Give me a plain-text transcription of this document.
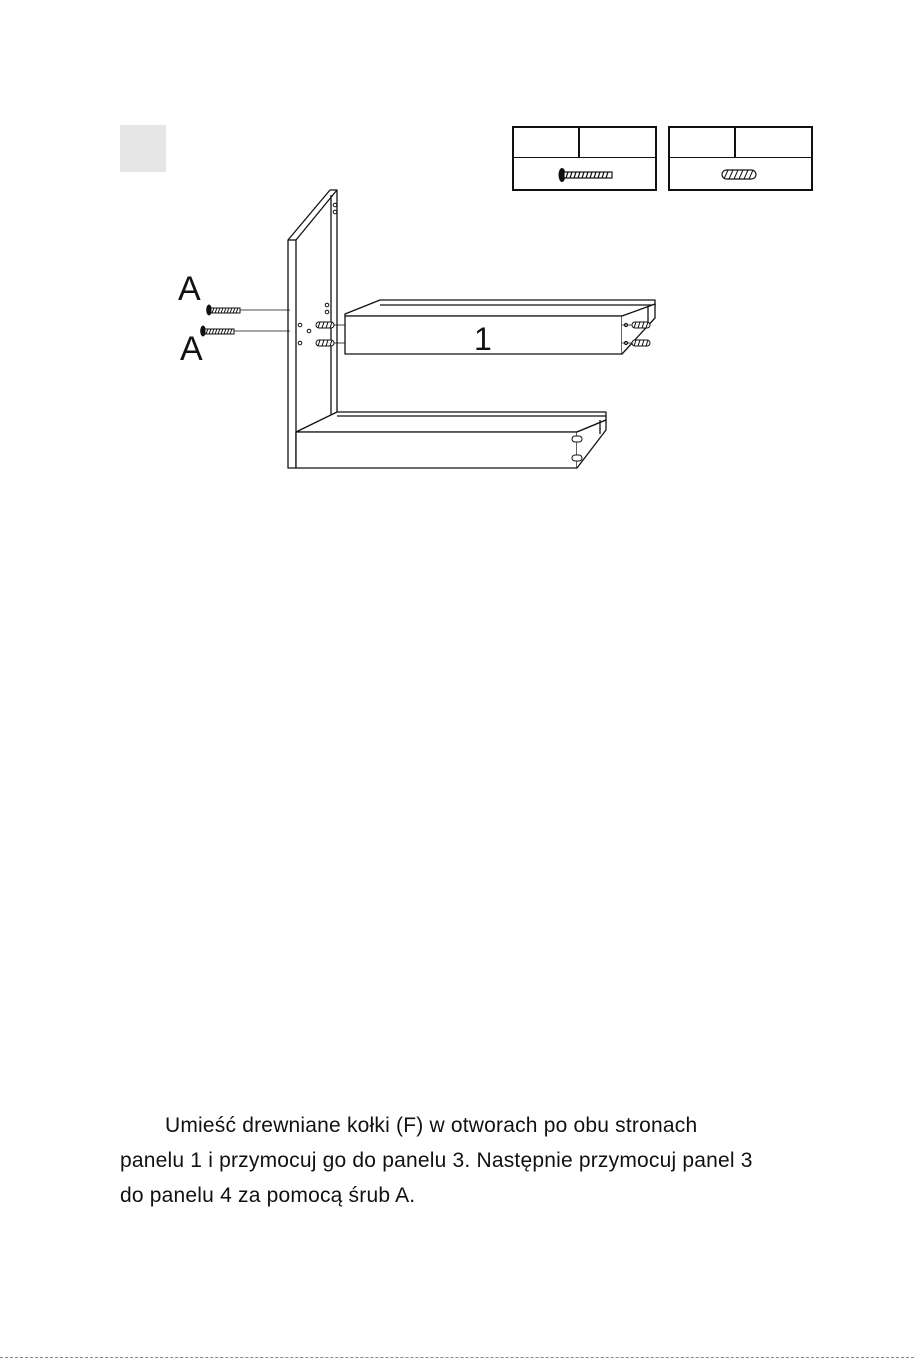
A
A	1

Umieść drewniane kołki (F) w otworach po obu stronach

panelu 1 i przymocuj go do panelu 3. Następnie przymocuj panel 3

do panelu 4 za pomocą śrub A.
